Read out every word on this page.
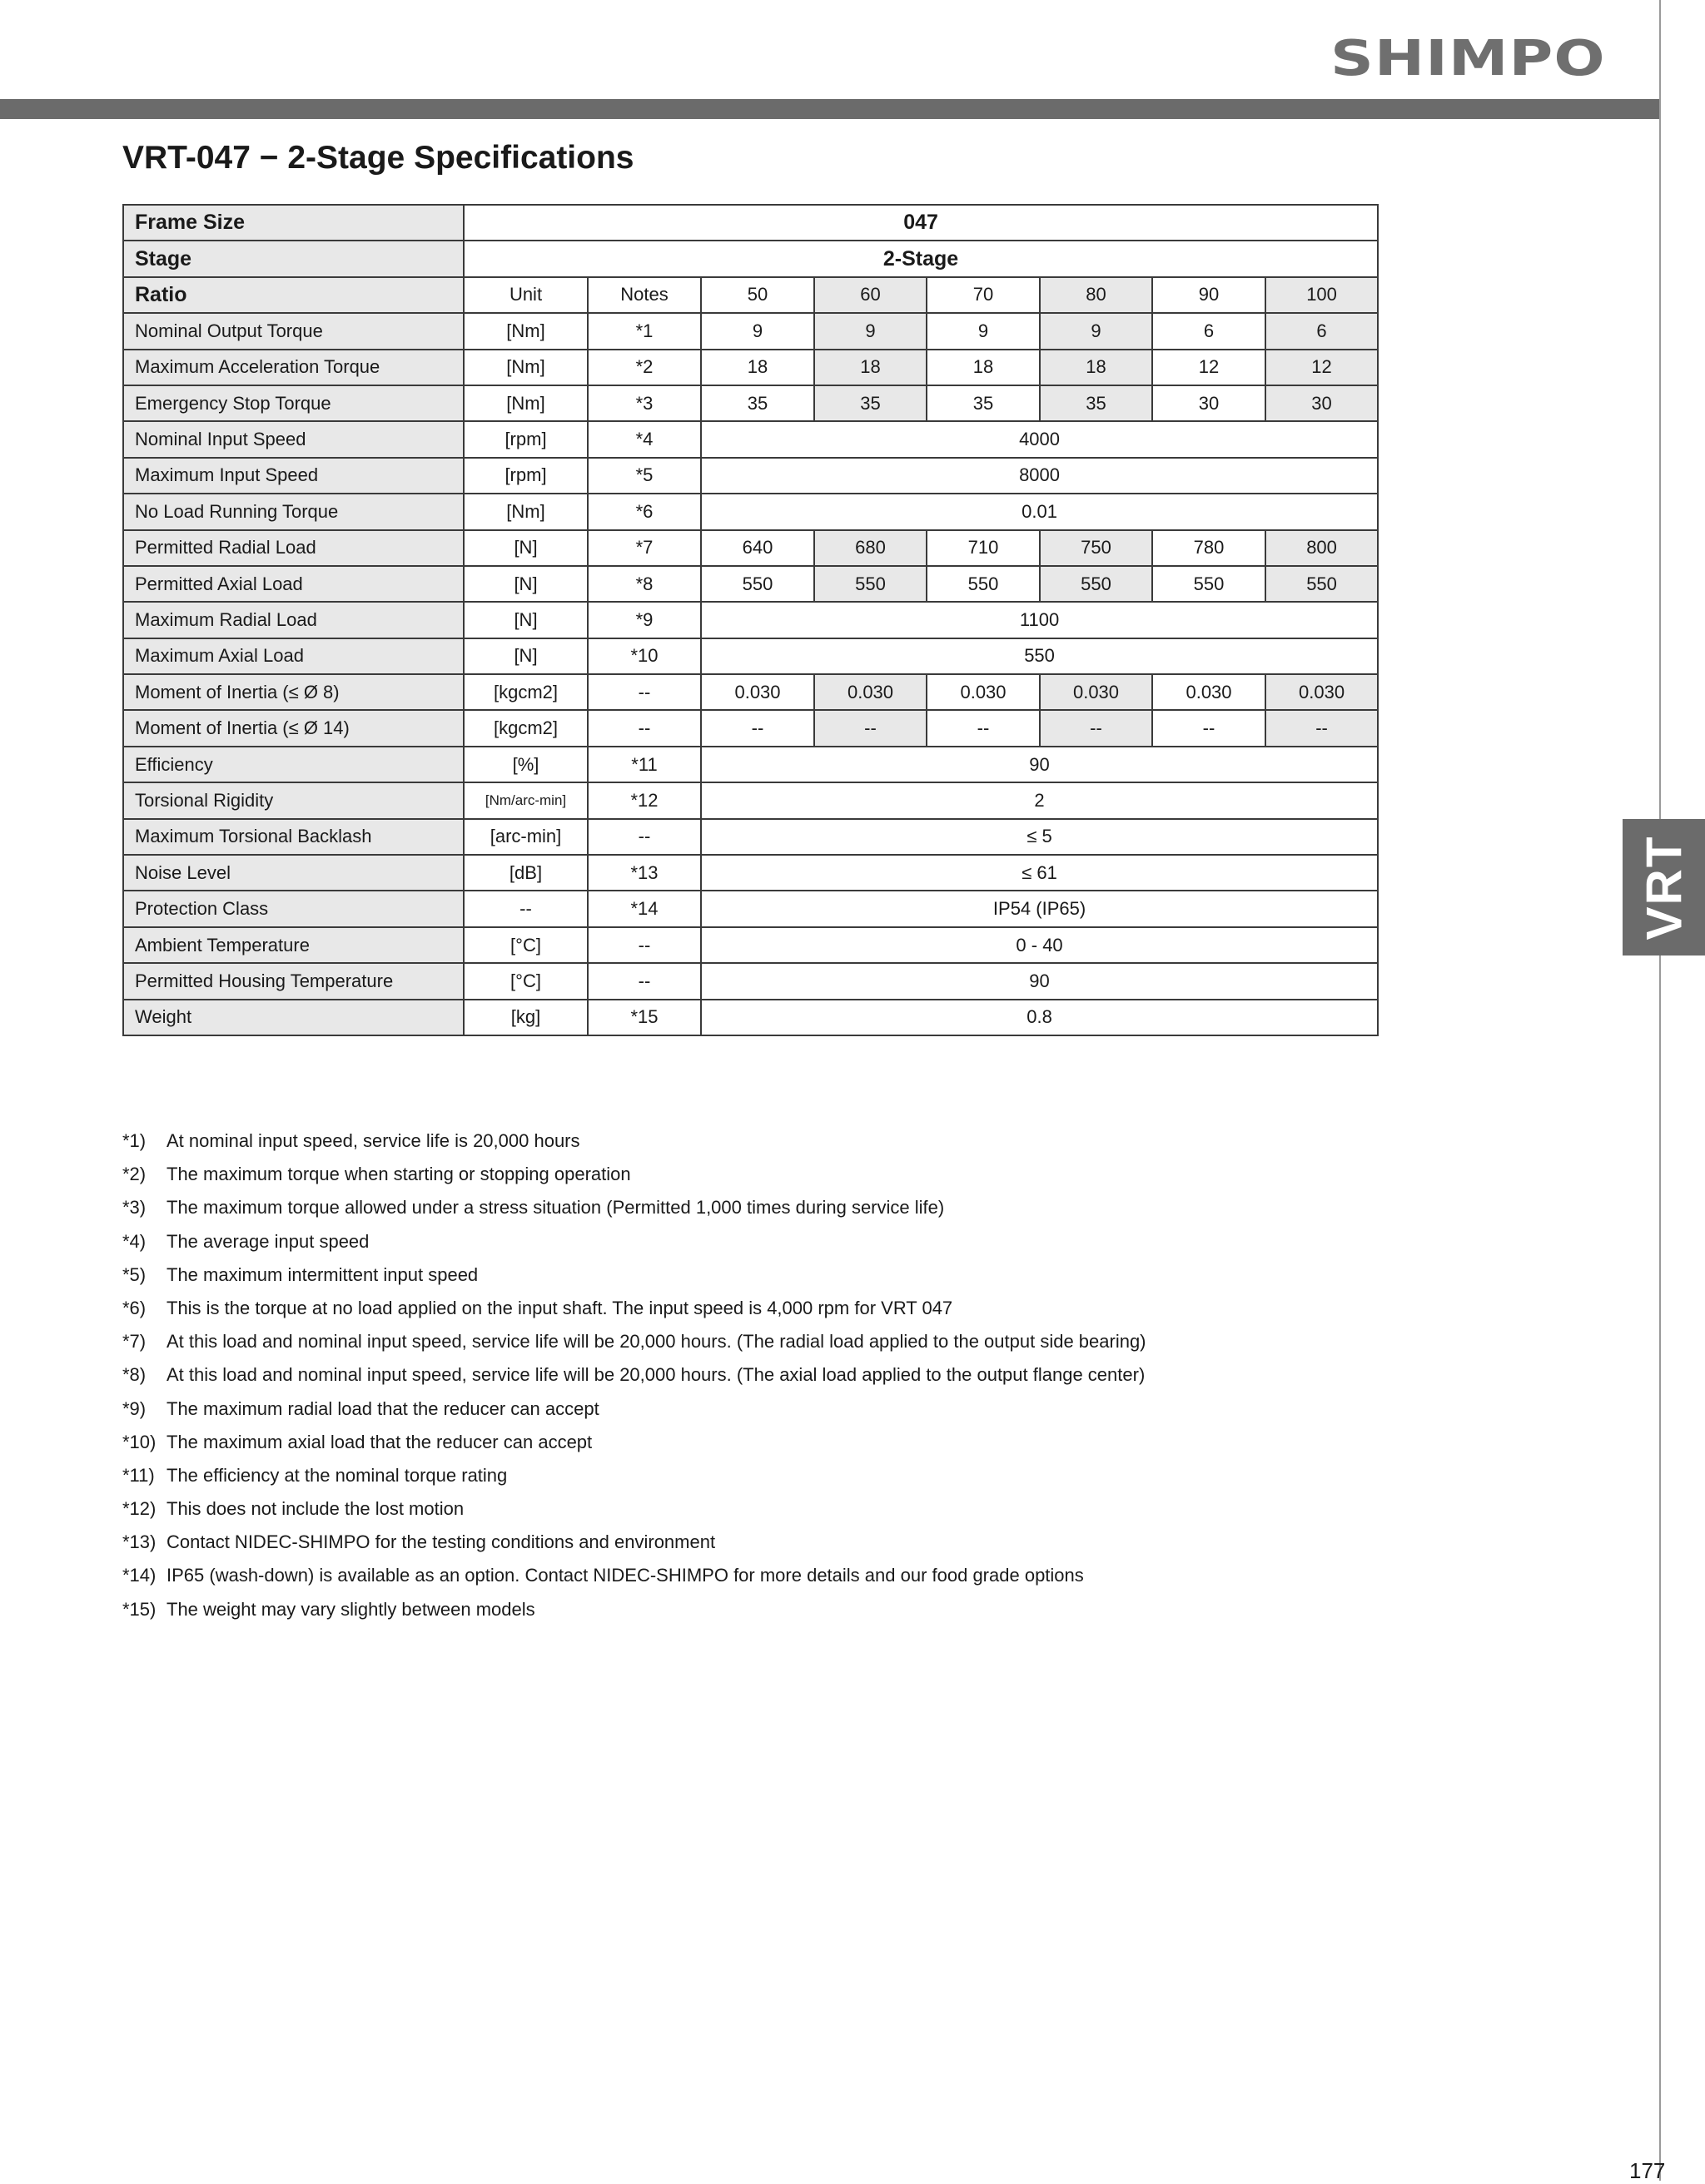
SHIMPO
VRT
VRT-047 − 2-Stage Specifications
Frame Size	047							
Stage	2-Stage							
Ratio	Unit	Notes	50	60	70	80	90	100
Nominal Output Torque	[Nm]	*1	9	9	9	9	6	6
Maximum Acceleration Torque	[Nm]	*2	18	18	18	18	12	12
Emergency Stop Torque	[Nm]	*3	35	35	35	35	30	30
Nominal Input Speed	[rpm]	*4	4000					
Maximum Input Speed	[rpm]	*5	8000					
No Load Running Torque	[Nm]	*6	0.01					
Permitted Radial Load	[N]	*7	640	680	710	750	780	800
Permitted Axial Load	[N]	*8	550	550	550	550	550	550
Maximum Radial Load	[N]	*9	1100					
Maximum Axial Load	[N]	*10	550					
Moment of Inertia (≤ Ø 8)	[kgcm2]	--	0.030	0.030	0.030	0.030	0.030	0.030
Moment of Inertia (≤ Ø 14)	[kgcm2]	--	--	--	--	--	--	--
Efficiency	[%]	*11	90					
Torsional Rigidity	[Nm/arc-min]	*12	2					
Maximum Torsional Backlash	[arc-min]	--	≤ 5					
Noise Level	[dB]	*13	≤ 61					
Protection Class	--	*14	IP54 (IP65)					
Ambient Temperature	[°C]	--	0 - 40					
Permitted Housing Temperature	[°C]	--	90					
Weight	[kg]	*15	0.8					
*1)	At nominal input speed, service life is 20,000 hours
*2)	The maximum torque when starting or stopping operation
*3)	The maximum torque allowed under a stress situation (Permitted 1,000 times during service life)
*4)	The average input speed
*5)	The maximum intermittent input speed
*6)	This is the torque at no load applied on the input shaft. The input speed is 4,000 rpm for VRT 047
*7)	At this load and nominal input speed, service life will be 20,000 hours. (The radial load applied to the output side bearing)
*8)	At this load and nominal input speed, service life will be 20,000 hours. (The axial load applied to the output flange center)
*9)	The maximum radial load that the reducer can accept
*10) The maximum axial load that the reducer can accept
*11) The efficiency at the nominal torque rating
*12) This does not include the lost motion
*13) Contact NIDEC-SHIMPO for the testing conditions and environment
*14) IP65 (wash-down) is available as an option. Contact NIDEC-SHIMPO for more details and our food grade options
*15) The weight may vary slightly between models
177
